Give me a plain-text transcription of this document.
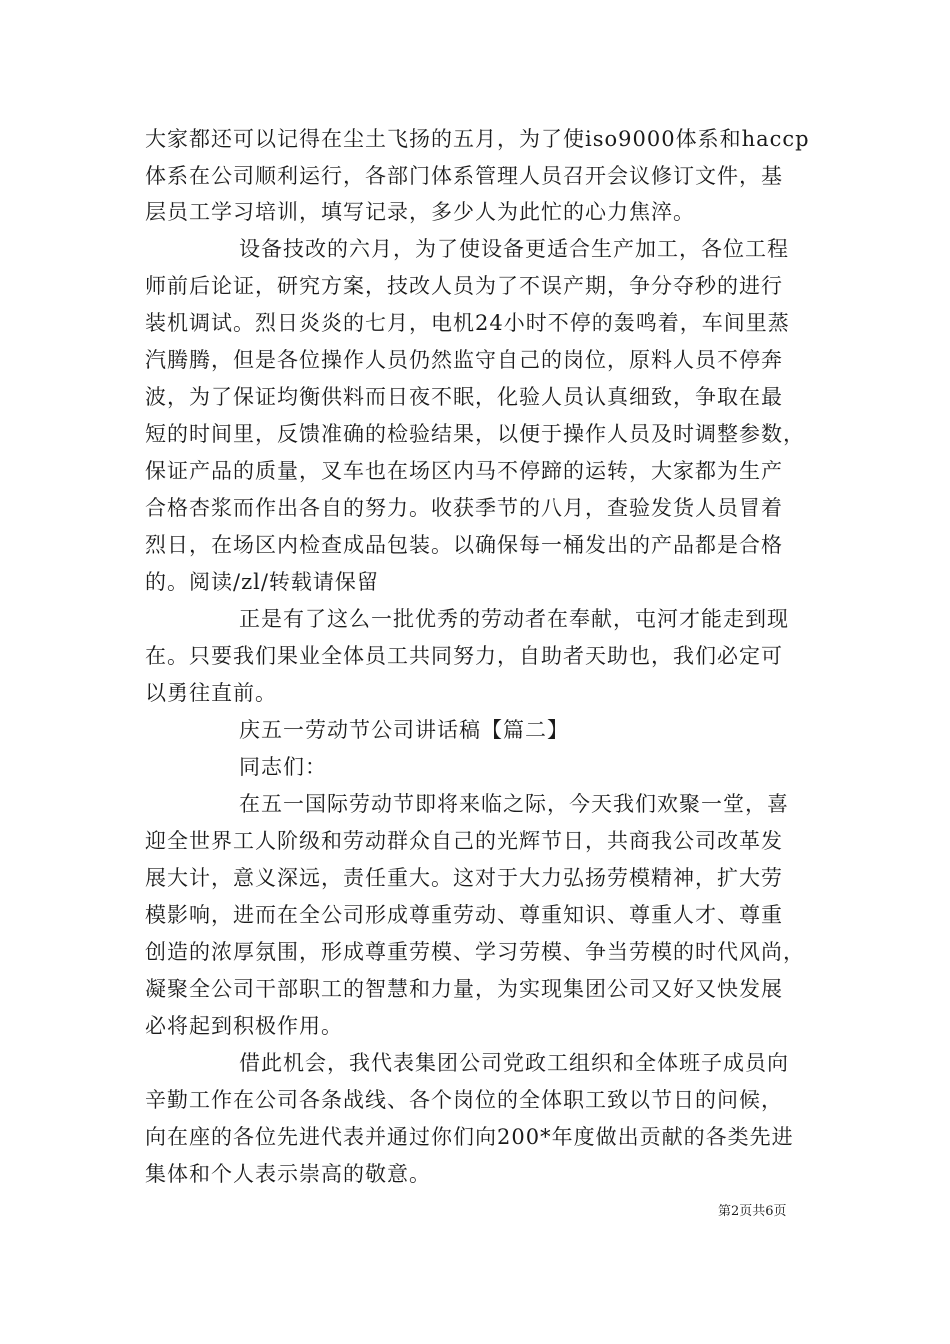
大家都还可以记得在尘土飞扬的五月，为了使iso9000体系和haccp
体系在公司顺利运行，各部门体系管理人员召开会议修订文件，基
层员工学习培训，填写记录，多少人为此忙的心力焦淬。
设备技改的六月，为了使设备更适合生产加工，各位工程
师前后论证，研究方案，技改人员为了不误产期，争分夺秒的进行
装机调试。烈日炎炎的七月，电机24小时不停的轰鸣着，车间里蒸
汽腾腾，但是各位操作人员仍然监守自己的岗位，原料人员不停奔
波，为了保证均衡供料而日夜不眠，化验人员认真细致，争取在最
短的时间里，反馈准确的检验结果，以便于操作人员及时调整参数，
保证产品的质量，叉车也在场区内马不停蹄的运转，大家都为生产
合格杏浆而作出各自的努力。收获季节的八月，查验发货人员冒着
烈日，在场区内检查成品包装。以确保每一桶发出的产品都是合格
的。阅读/zl/转载请保留
正是有了这么一批优秀的劳动者在奉献，屯河才能走到现
在。只要我们果业全体员工共同努力，自助者天助也，我们必定可
以勇往直前。
庆五一劳动节公司讲话稿【篇二】
同志们：
在五一国际劳动节即将来临之际，今天我们欢聚一堂，喜
迎全世界工人阶级和劳动群众自己的光辉节日，共商我公司改革发
展大计，意义深远，责任重大。这对于大力弘扬劳模精神，扩大劳
模影响，进而在全公司形成尊重劳动、尊重知识、尊重人才、尊重
创造的浓厚氛围，形成尊重劳模、学习劳模、争当劳模的时代风尚，
凝聚全公司干部职工的智慧和力量，为实现集团公司又好又快发展
必将起到积极作用。
借此机会，我代表集团公司党政工组织和全体班子成员向
辛勤工作在公司各条战线、各个岗位的全体职工致以节日的问候，
向在座的各位先进代表并通过你们向200*年度做出贡献的各类先进
集体和个人表示崇高的敬意。
第2页共6页
